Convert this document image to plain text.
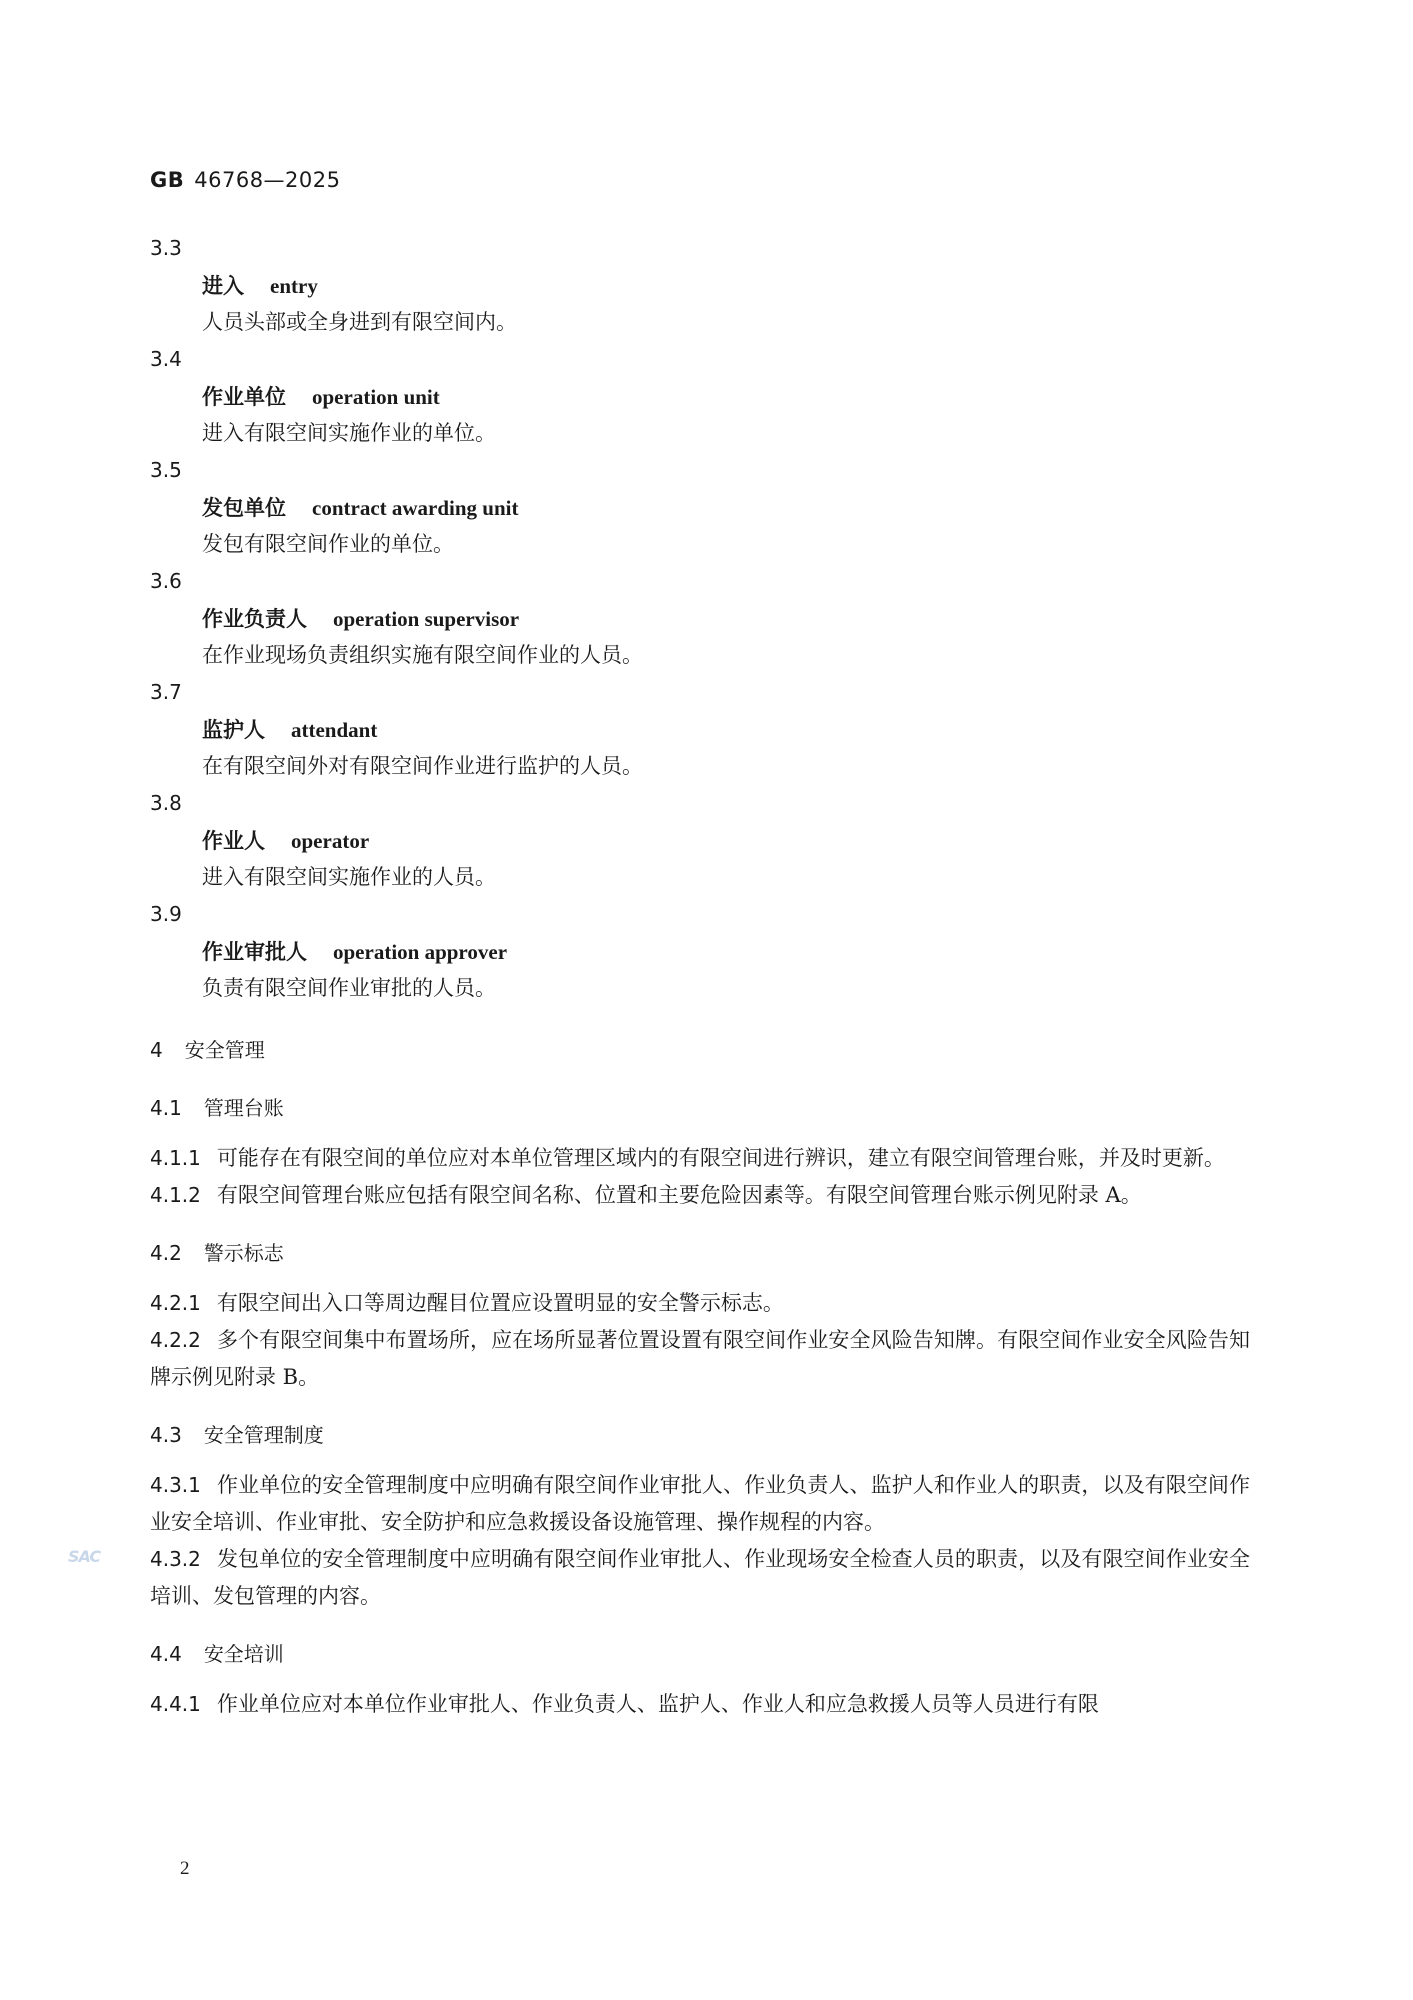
GB 46768—2025
3.3
进入 entry
人员头部或全身进到有限空间内。
3.4
作业单位 operation unit
进入有限空间实施作业的单位。
3.5
发包单位 contract awarding unit
发包有限空间作业的单位。
3.6
作业负责人 operation supervisor
在作业现场负责组织实施有限空间作业的人员。
3.7
监护人 attendant
在有限空间外对有限空间作业进行监护的人员。
3.8
作业人 operator
进入有限空间实施作业的人员。
3.9
作业审批人 operation approver
负责有限空间作业审批的人员。
4 安全管理
4.1 管理台账
4.1.1 可能存在有限空间的单位应对本单位管理区域内的有限空间进行辨识，建立有限空间管理台账，并及时更新。
4.1.2 有限空间管理台账应包括有限空间名称、位置和主要危险因素等。有限空间管理台账示例见附录 A。
4.2 警示标志
4.2.1 有限空间出入口等周边醒目位置应设置明显的安全警示标志。
4.2.2 多个有限空间集中布置场所，应在场所显著位置设置有限空间作业安全风险告知牌。有限空间作业安全风险告知牌示例见附录 B。
4.3 安全管理制度
4.3.1 作业单位的安全管理制度中应明确有限空间作业审批人、作业负责人、监护人和作业人的职责，以及有限空间作业安全培训、作业审批、安全防护和应急救援设备设施管理、操作规程的内容。
4.3.2 发包单位的安全管理制度中应明确有限空间作业审批人、作业现场安全检查人员的职责，以及有限空间作业安全培训、发包管理的内容。
4.4 安全培训
4.4.1 作业单位应对本单位作业审批人、作业负责人、监护人、作业人和应急救援人员等人员进行有限
SAC
2
